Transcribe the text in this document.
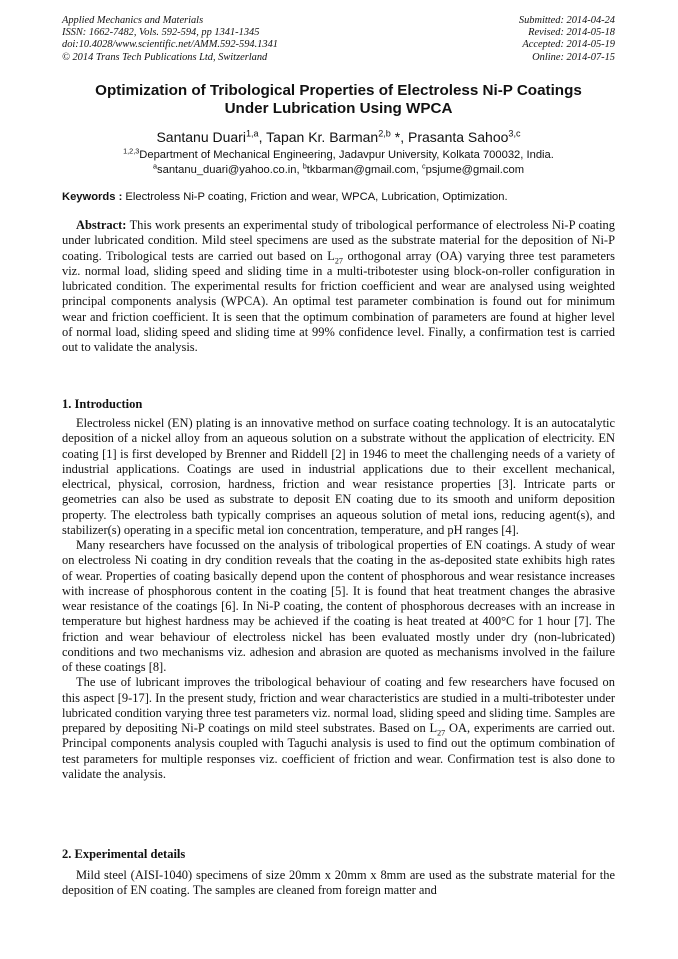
Applied Mechanics and Materials
ISSN: 1662-7482, Vols. 592-594, pp 1341-1345
doi:10.4028/www.scientific.net/AMM.592-594.1341
© 2014 Trans Tech Publications Ltd, Switzerland
Submitted: 2014-04-24
Revised: 2014-05-18
Accepted: 2014-05-19
Online: 2014-07-15
Optimization of Tribological Properties of Electroless Ni-P Coatings
Under Lubrication Using WPCA
Santanu Duari$^{1,a}$, Tapan Kr. Barman$^{2,b}$ *, Prasanta Sahoo$^{3,c}$
$^{1,2,3}$Department of Mechanical Engineering, Jadavpur University, Kolkata 700032, India.
$^a$santanu_duari@yahoo.co.in, $^b$tkbarman@gmail.com, $^c$psjume@gmail.com
Keywords : Electroless Ni-P coating, Friction and wear, WPCA, Lubrication, Optimization.

Abstract: This work presents an experimental study of tribological performance of electroless Ni-P coating under lubricated condition. Mild steel specimens are used as the substrate material for the deposition of Ni-P coating. Tribological tests are carried out based on $L_{27}$ orthogonal array (OA) varying three test parameters viz. normal load, sliding speed and sliding time in a multi-tribotester using block-on-roller configuration in lubricated condition. The experimental results for friction coefficient and wear are analysed using weighted principal components analysis (WPCA). An optimal test parameter combination is found out for minimum wear and friction coefficient. It is seen that the optimum combination of parameters are found at higher level of normal load, sliding speed and sliding time at 99% confidence level. Finally, a confirmation test is carried out to validate the analysis.

1. Introduction

Electroless nickel (EN) plating is an innovative method on surface coating technology. It is an autocatalytic deposition of a nickel alloy from an aqueous solution on a substrate without the application of electricity. EN coating [1] is first developed by Brenner and Riddell [2] in 1946 to meet the challenging needs of a variety of industrial applications. Coatings are used in industrial applications due to their excellent mechanical, electrical, physical, corrosion, hardness, friction and wear resistance properties [3]. Intricate parts or geometries can also be used as substrate to deposit EN coating due to its smooth and uniform deposition property. The electroless bath typically comprises an aqueous solution of metal ions, reducing agent(s), and stabilizer(s) operating in a specific metal ion concentration, temperature, and pH ranges [4].

Many researchers have focussed on the analysis of tribological properties of EN coatings. A study of wear on electroless Ni coating in dry condition reveals that the coating in the as-deposited state exhibits high rates of wear. Properties of coating basically depend upon the content of phosphorous and wear resistance increases with increase of phosphorous content in the coating [5]. It is found that heat treatment changes the abrasive wear resistance of the coatings [6]. In Ni-P coating, the content of phosphorous decreases with an increase in temperature but highest hardness may be achieved if the coating is heat treated at 400°C for 1 hour [7]. The friction and wear behaviour of electroless nickel has been evaluated mostly under dry (non-lubricated) conditions and two mechanisms viz. adhesion and abrasion are quoted as mechanisms involved in the failure of these coatings [8].

The use of lubricant improves the tribological behaviour of coating and few researchers have focused on this aspect [9-17]. In the present study, friction and wear characteristics are studied in a multi-tribotester under lubricated condition varying three test parameters viz. normal load, sliding speed and sliding time. Samples are prepared by depositing Ni-P coatings on mild steel substrates. Based on $L_{27}$ OA, experiments are carried out. Principal components analysis coupled with Taguchi analysis is used to find out the optimum combination of test parameters for multiple responses viz. coefficient of friction and wear. Confirmation test is also done to validate the analysis.

2. Experimental details

Mild steel (AISI-1040) specimens of size 20mm x 20mm x 8mm are used as the substrate material for the deposition of EN coating. The samples are cleaned from foreign matter and
